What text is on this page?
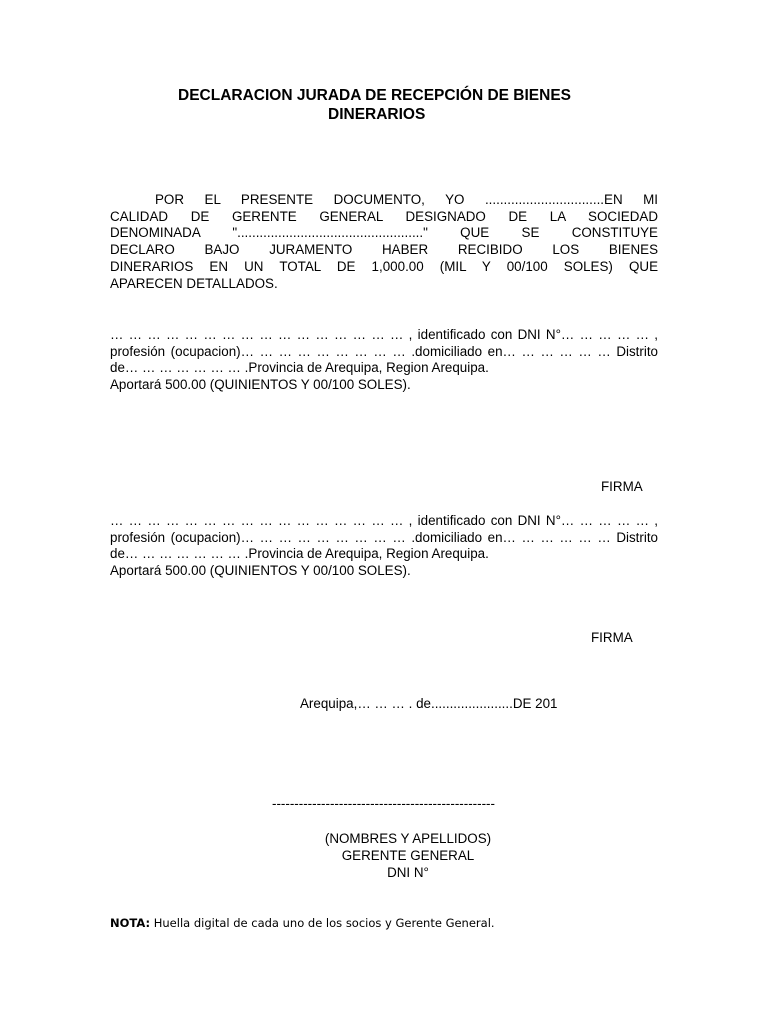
DECLARACION JURADA DE RECEPCIÓN DE BIENES
DINERARIOS
POR EL PRESENTE DOCUMENTO, YO ................................EN MI
CALIDAD DE GERENTE GENERAL DESIGNADO DE LA SOCIEDAD
DENOMINADA ".................................................." QUE SE CONSTITUYE
DECLARO BAJO JURAMENTO HABER RECIBIDO LOS BIENES
DINERARIOS EN UN TOTAL DE 1,000.00 (MIL Y 00/100 SOLES) QUE
APARECEN DETALLADOS.
… … … … … … … … … … … … … … … … , identificado con DNI N°… … … … … ,
profesión (ocupacion)… … … … … … … … … .domiciliado en… … … … … … Distrito
de… … … … … … … .Provincia de Arequipa, Region Arequipa.
Aportará 500.00 (QUINIENTOS Y 00/100 SOLES).
FIRMA
… … … … … … … … … … … … … … … … , identificado con DNI N°… … … … … ,
profesión (ocupacion)… … … … … … … … … .domiciliado en… … … … … … Distrito
de… … … … … … … .Provincia de Arequipa, Region Arequipa.
Aportará 500.00 (QUINIENTOS Y 00/100 SOLES).
FIRMA
Arequipa,… … … . de......................DE 201
--------------------------------------------------
(NOMBRES Y APELLIDOS)
GERENTE GENERAL
DNI N°
NOTA: Huella digital de cada uno de los socios y Gerente General.
